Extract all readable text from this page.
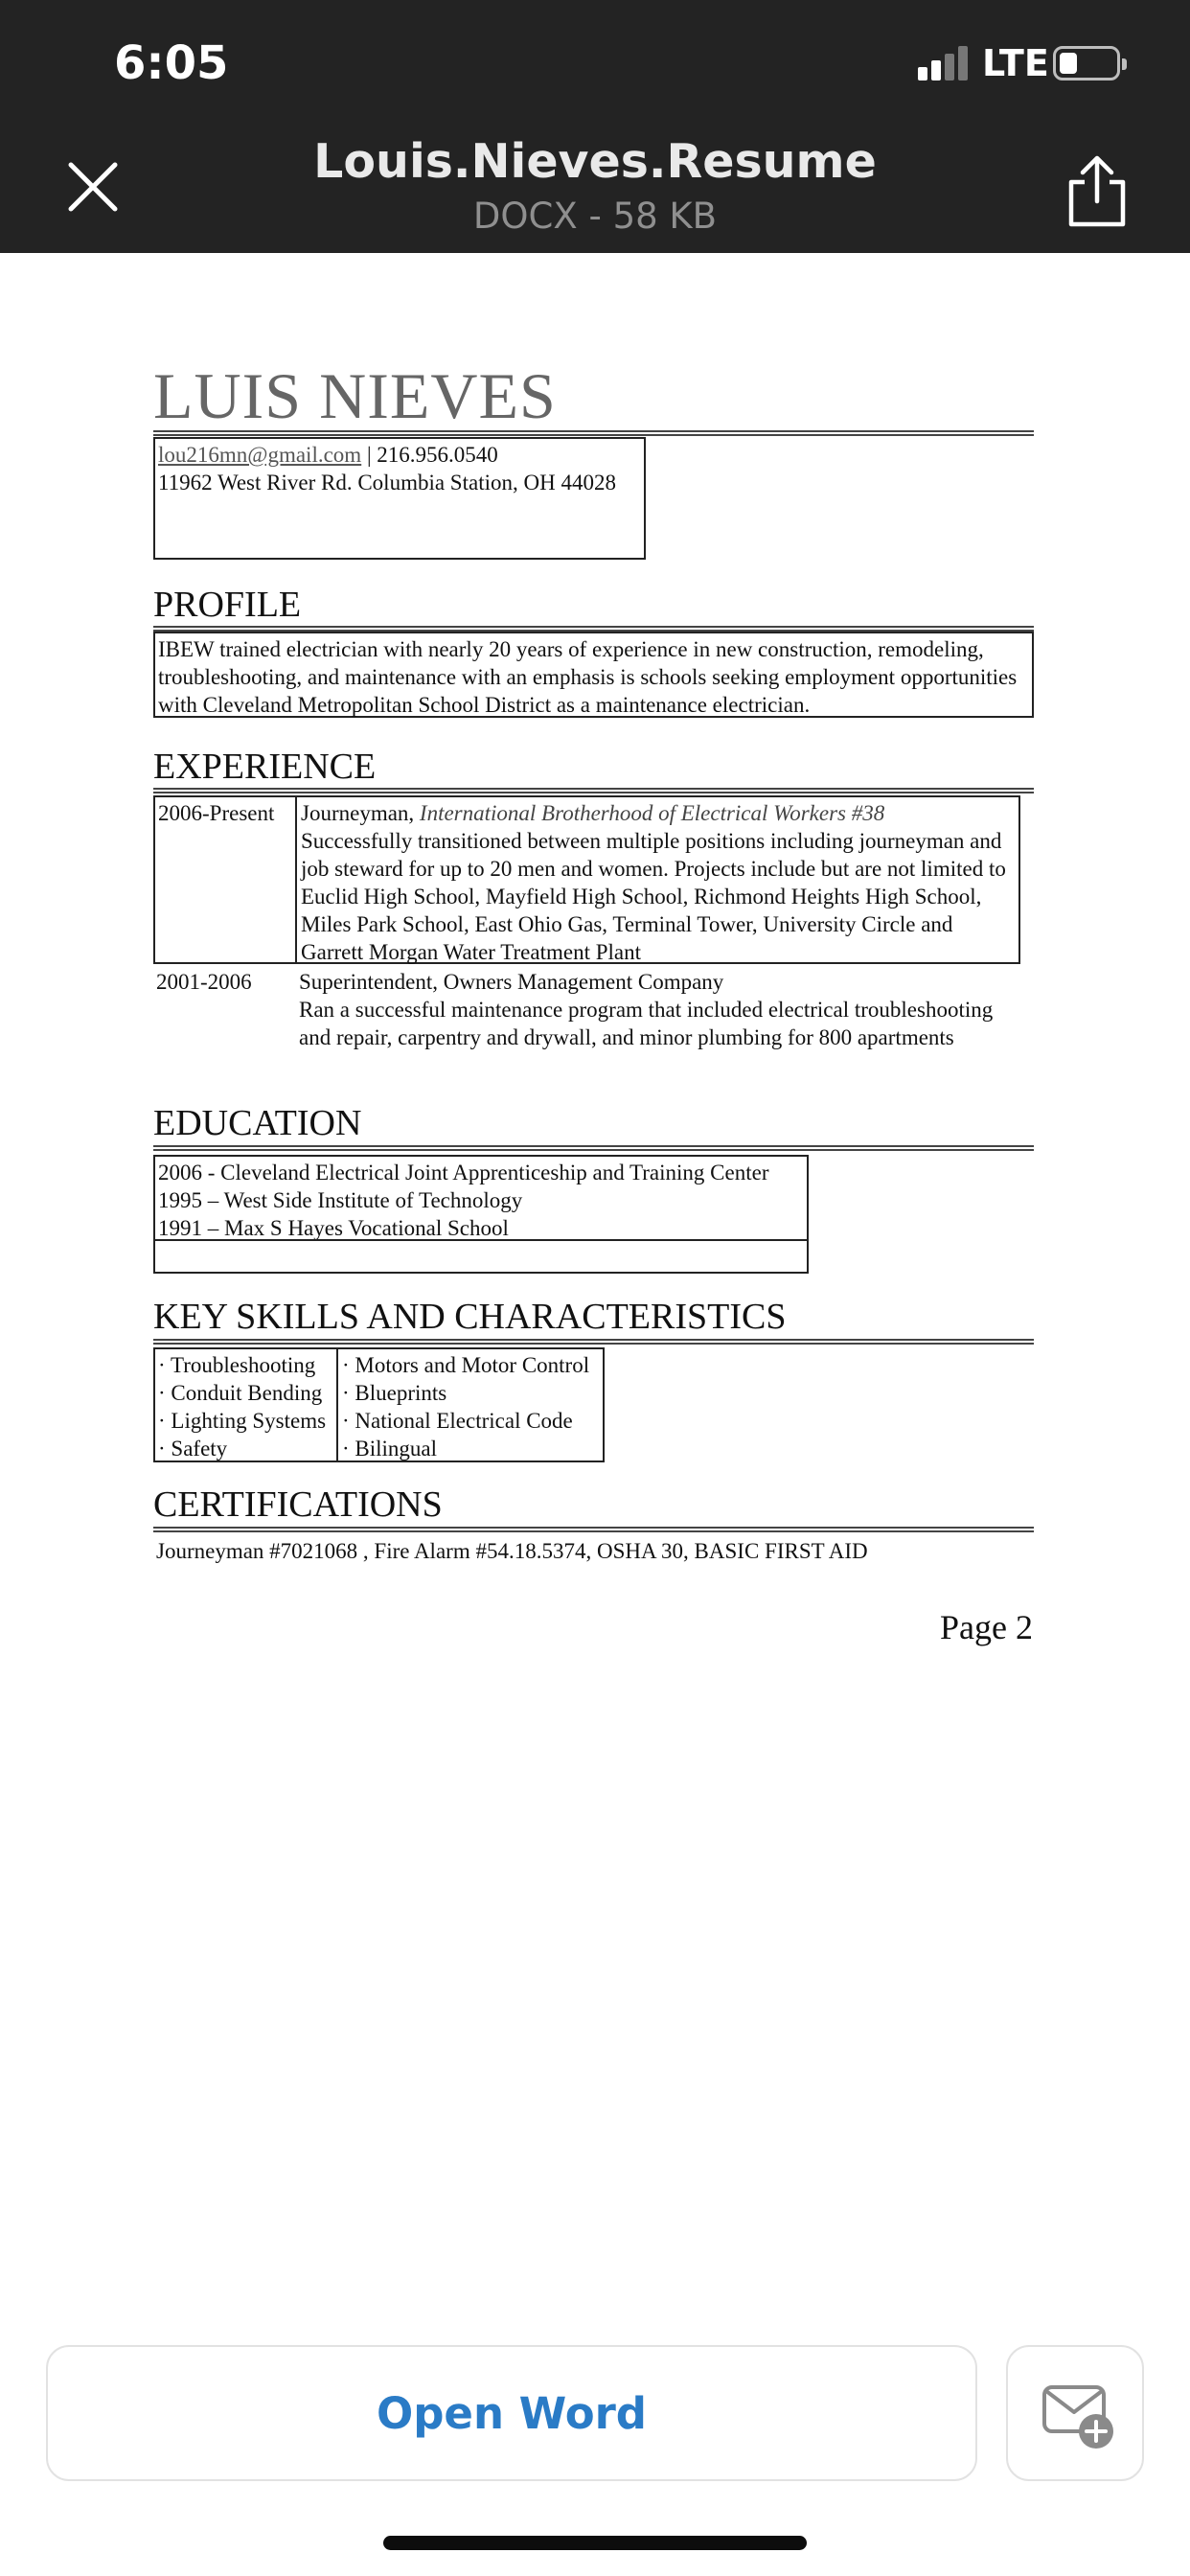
6:05	LTE
Louis.Nieves.Resume
DOCX - 58 KB
LUIS NIEVES
lou216mn@gmail.com | 216.956.0540
11962 West River Rd. Columbia Station, OH 44028
PROFILE
IBEW trained electrician with nearly 20 years of experience in new construction, remodeling, troubleshooting, and maintenance with an emphasis is schools seeking employment opportunities with Cleveland Metropolitan School District as a maintenance electrician.
EXPERIENCE
2006-Present	Journeyman, International Brotherhood of Electrical Workers #38
Successfully transitioned between multiple positions including journeyman and job steward for up to 20 men and women. Projects include but are not limited to Euclid High School, Mayfield High School, Richmond Heights High School, Miles Park School, East Ohio Gas, Terminal Tower, University Circle and Garrett Morgan Water Treatment Plant
2001-2006 Superintendent, Owners Management Company
Ran a successful maintenance program that included electrical troubleshooting and repair, carpentry and drywall, and minor plumbing for 800 apartments
EDUCATION
2006 - Cleveland Electrical Joint Apprenticeship and Training Center
1995 – West Side Institute of Technology
1991 – Max S Hayes Vocational School
KEY SKILLS AND CHARACTERISTICS
· Troubleshooting
· Conduit Bending
· Lighting Systems
· Safety
· Motors and Motor Control
· Blueprints
· National Electrical Code
· Bilingual
CERTIFICATIONS
Journeyman #7021068 , Fire Alarm #54.18.5374, OSHA 30, BASIC FIRST AID
Page 2
Open Word
